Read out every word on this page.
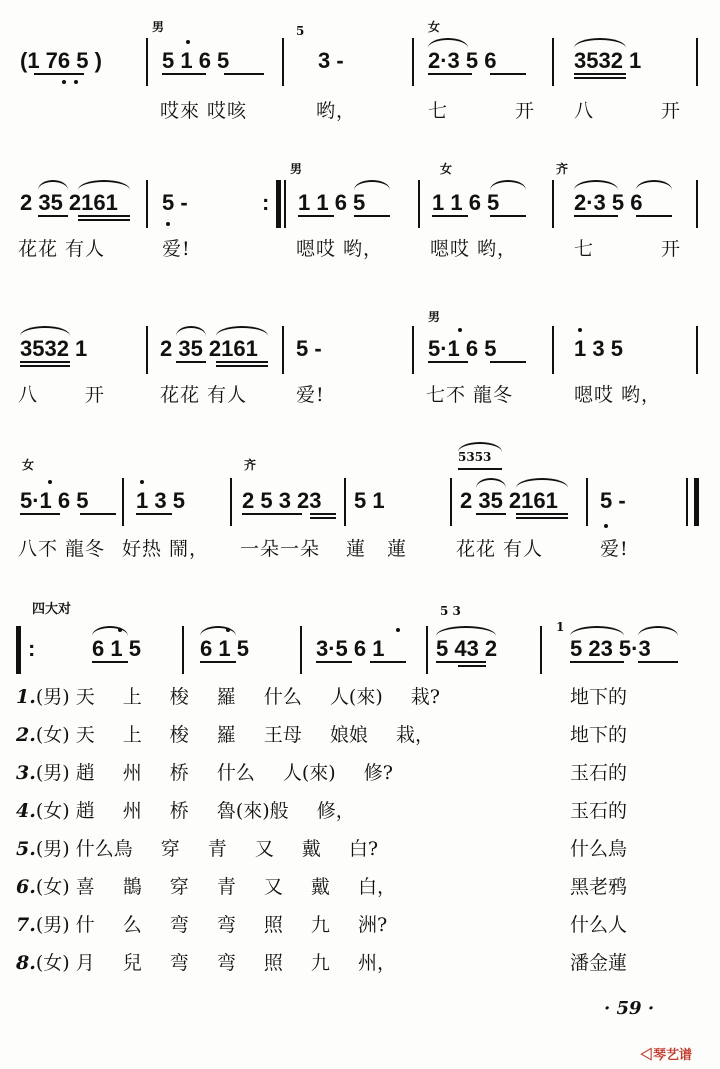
男	女
5
(1 76 5 )	5 1 6 5	3 -	2·3 5 6	3532 1
哎來 哎咳	哟，	七 开 八 开
男	女	齐
2 35 2161 5 -	: 1 1 6 5	1 1 6 5	2·3 5 6
花花 有人	爱!	嗯哎 哟， 嗯哎 哟，	七 开
男
3532 1	2 35 2161 5 -	5·1 6 5	1 3 5
八 开	花花 有人	爱!	七不 龍冬	嗯哎 哟，
女	齐
5353
5·1 6 5 1 3 5	2 5 3 23 5 1	2 35 2161 5 -
八不 龍冬 好热 鬧， 一朵一朵 蓮 蓮	花花 有人	爱!
四大对	5 3
1
:	6 1 5	6 1 5	3·5 6 1 5 43 2	5 23 5·3
1.(男) 天 上 梭 羅 什么 人(來) 栽?	地下的
2.(女) 天 上 梭 羅 王母 娘娘 栽，	地下的
3.(男) 趙 州 桥 什么 人(來) 修?	玉石的
4.(女) 趙 州 桥 魯(來)般 修，	玉石的
5.(男) 什么鳥 穿 青 又 戴 白?	什么鳥
6.(女) 喜 鵲 穿 青 又 戴 白，	黑老鸦
7.(男) 什 么 弯 弯 照 九 洲?	什么人
8.(女) 月 兒 弯 弯 照 九 州，	潘金蓮
· 59 ·
◁琴艺谱
